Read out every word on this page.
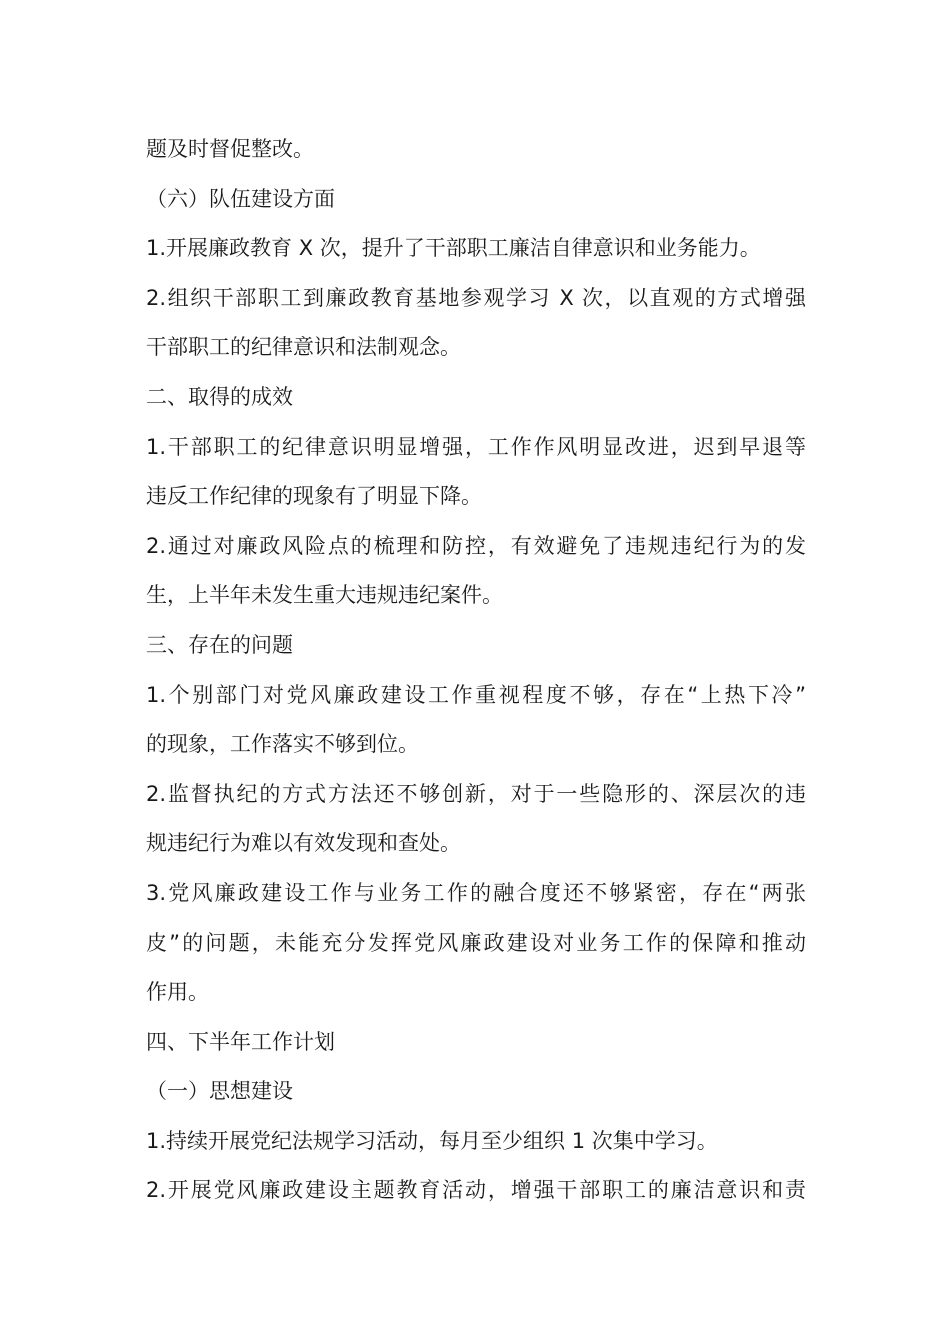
题及时督促整改。
（六）队伍建设方面
1.开展廉政教育 X 次，提升了干部职工廉洁自律意识和业务能力。
2.组织干部职工到廉政教育基地参观学习 X 次，以直观的方式增强
干部职工的纪律意识和法制观念。
二、取得的成效
1.干部职工的纪律意识明显增强，工作作风明显改进，迟到早退等
违反工作纪律的现象有了明显下降。
2.通过对廉政风险点的梳理和防控，有效避免了违规违纪行为的发
生，上半年未发生重大违规违纪案件。
三、存在的问题
1.个别部门对党风廉政建设工作重视程度不够，存在“上热下冷”
的现象，工作落实不够到位。
2.监督执纪的方式方法还不够创新，对于一些隐形的、深层次的违
规违纪行为难以有效发现和查处。
3.党风廉政建设工作与业务工作的融合度还不够紧密，存在“两张
皮”的问题，未能充分发挥党风廉政建设对业务工作的保障和推动
作用。
四、下半年工作计划
（一）思想建设
1.持续开展党纪法规学习活动，每月至少组织 1 次集中学习。
2.开展党风廉政建设主题教育活动，增强干部职工的廉洁意识和责
